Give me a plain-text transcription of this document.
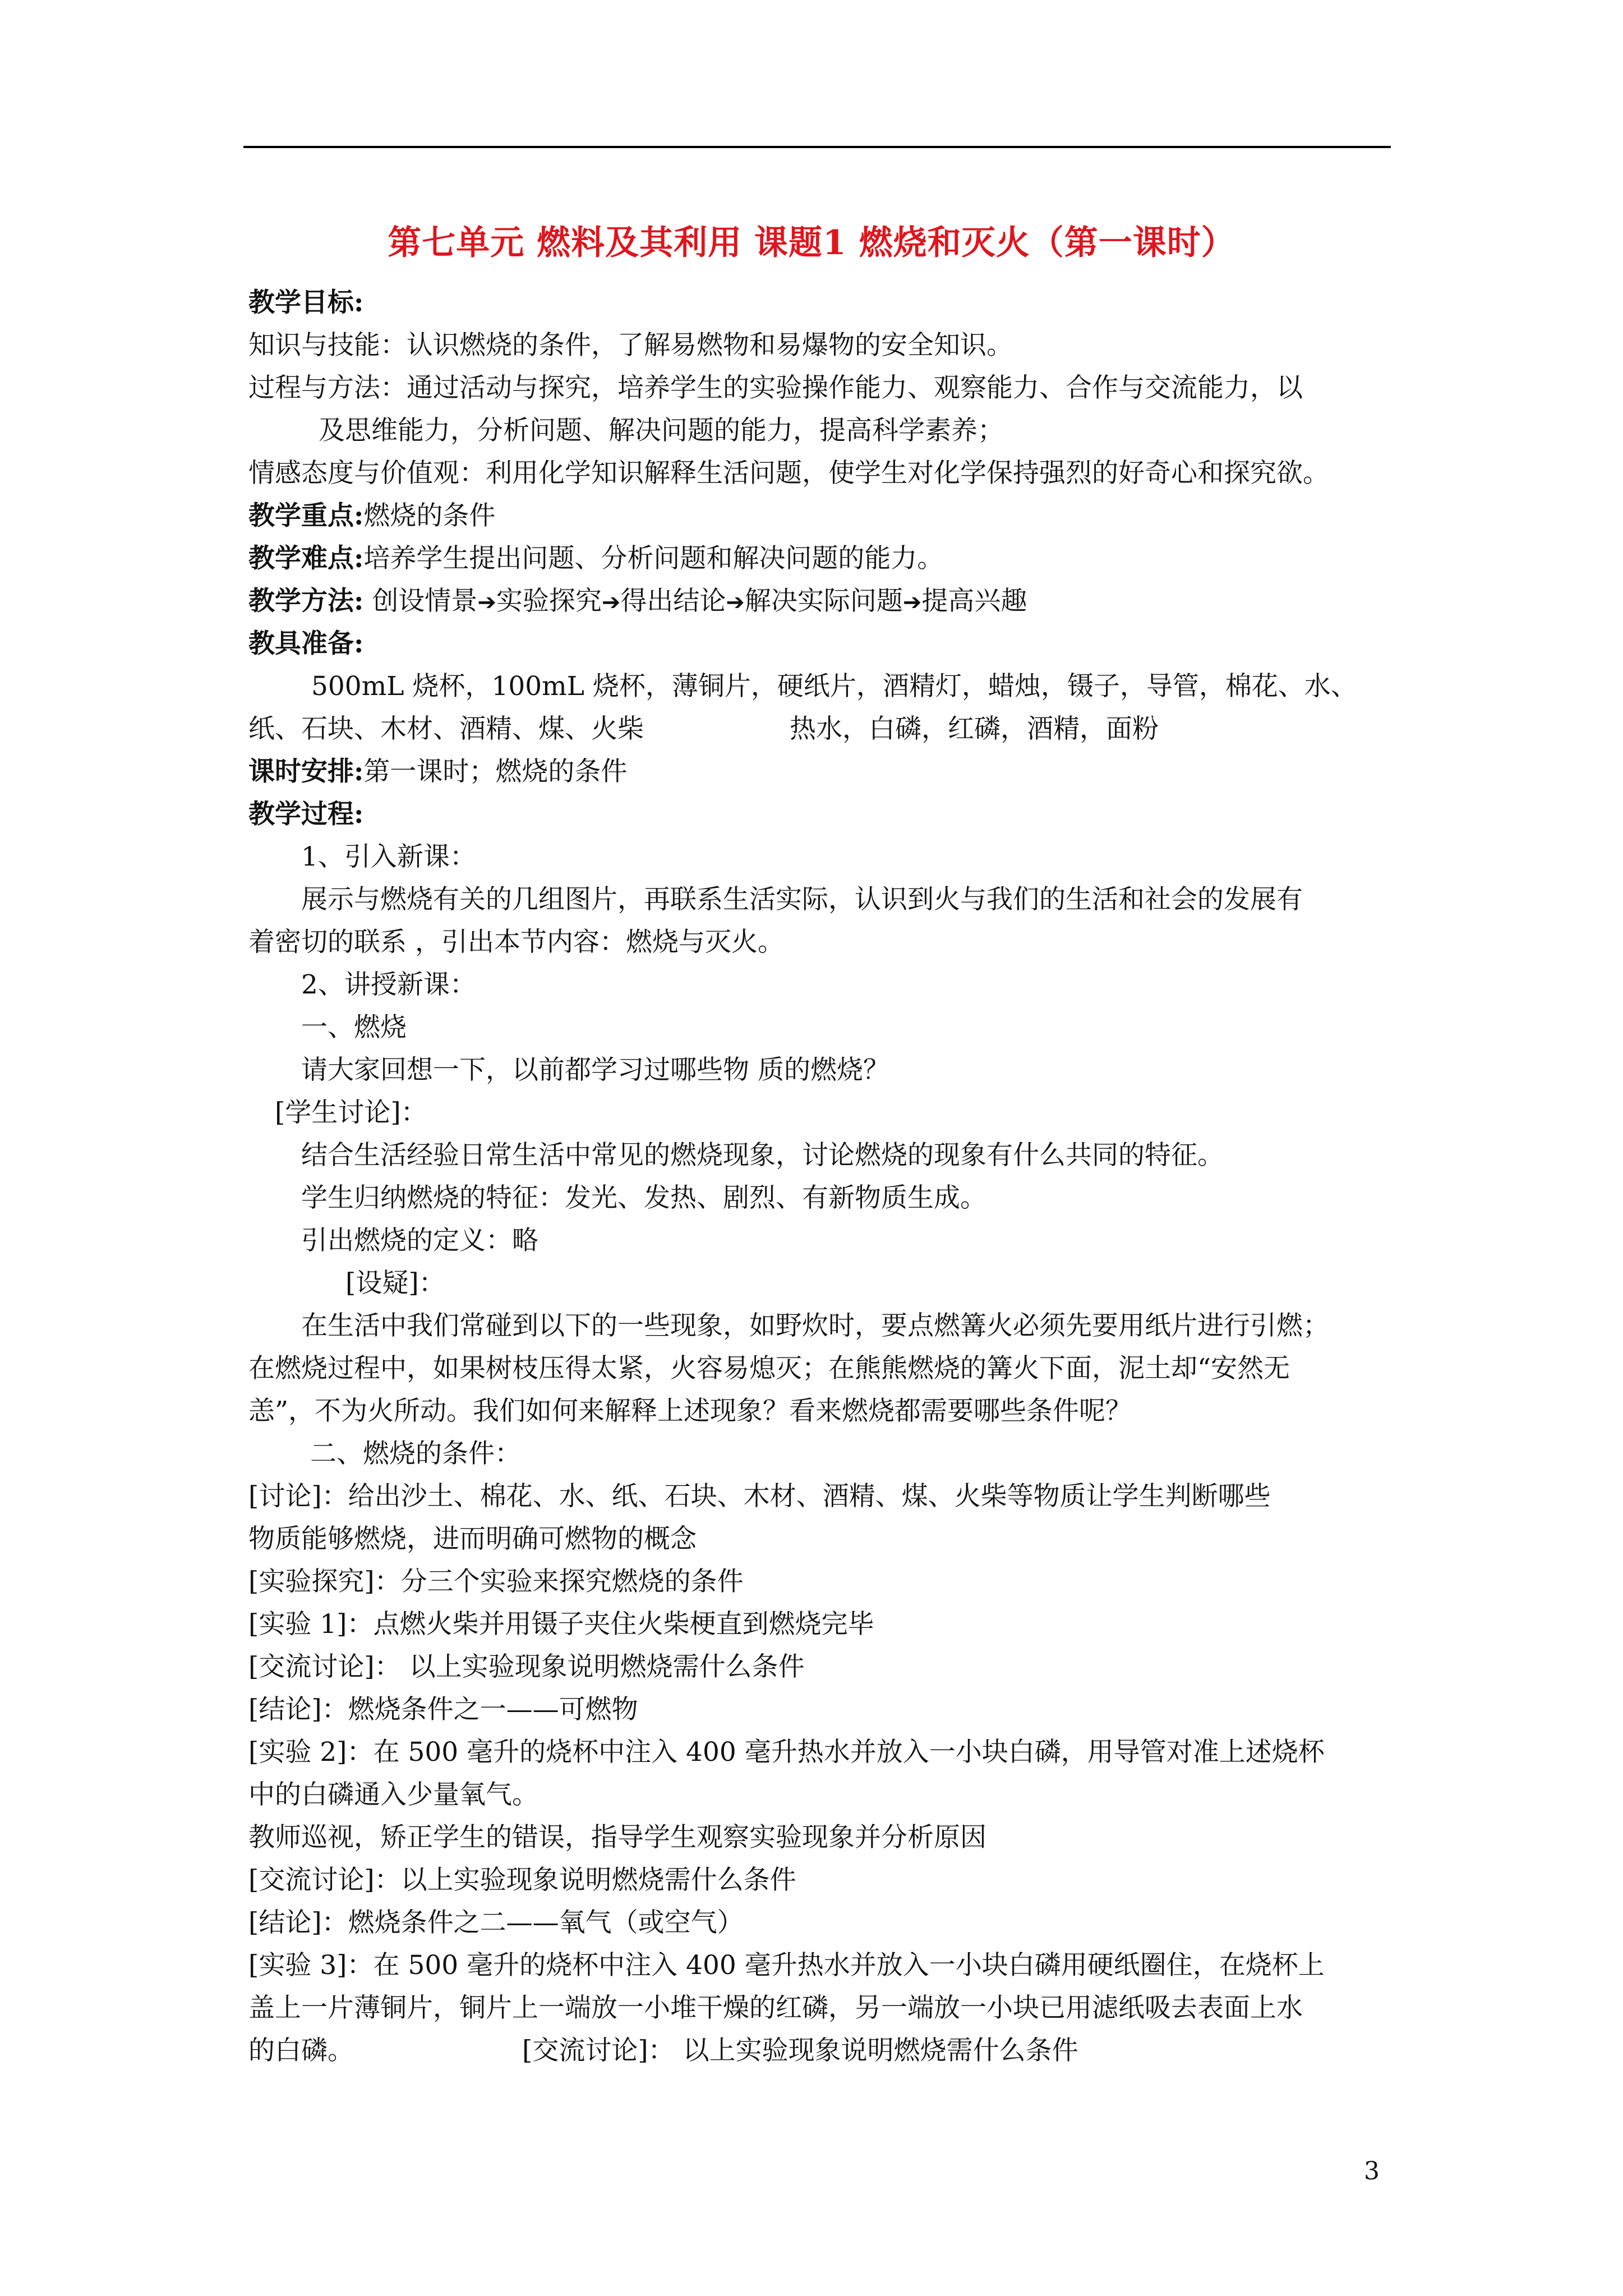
第七单元 燃料及其利用 课题1 燃烧和灭火（第一课时）
教学目标:
知识与技能：认识燃烧的条件，了解易燃物和易爆物的安全知识。
过程与方法：通过活动与探究，培养学生的实验操作能力、观察能力、合作与交流能力，以
及思维能力，分析问题、解决问题的能力，提高科学素养；
情感态度与价值观：利用化学知识解释生活问题，使学生对化学保持强烈的好奇心和探究欲。
教学重点:燃烧的条件
教学难点:培养学生提出问题、分析问题和解决问题的能力。
教学方法: 创设情景➔实验探究➔得出结论➔解决实际问题➔提高兴趣
教具准备:
500mL 烧杯，100mL 烧杯，薄铜片，硬纸片，酒精灯，蜡烛，镊子，导管，棉花、水、
纸、石块、木材、酒精、煤、火柴	热水，白磷，红磷，酒精，面粉
课时安排:第一课时；燃烧的条件
教学过程:
1、引入新课：
展示与燃烧有关的几组图片，再联系生活实际，认识到火与我们的生活和社会的发展有
着密切的联系 ，引出本节内容：燃烧与灭火。
2、讲授新课：
一、燃烧
请大家回想一下，以前都学习过哪些物 质的燃烧？
[学生讨论]：
结合生活经验日常生活中常见的燃烧现象，讨论燃烧的现象有什么共同的特征。
学生归纳燃烧的特征：发光、发热、剧烈、有新物质生成。
引出燃烧的定义：略
[设疑]：
在生活中我们常碰到以下的一些现象，如野炊时，要点燃篝火必须先要用纸片进行引燃；
在燃烧过程中，如果树枝压得太紧，火容易熄灭；在熊熊燃烧的篝火下面，泥土却“安然无
恙”，不为火所动。我们如何来解释上述现象？看来燃烧都需要哪些条件呢？
二、燃烧的条件：
[讨论]：给出沙土、棉花、水、纸、石块、木材、酒精、煤、火柴等物质让学生判断哪些
物质能够燃烧，进而明确可燃物的概念
[实验探究]：分三个实验来探究燃烧的条件
[实验 1]：点燃火柴并用镊子夹住火柴梗直到燃烧完毕
[交流讨论]： 以上实验现象说明燃烧需什么条件
[结论]：燃烧条件之一——可燃物
[实验 2]：在 500 毫升的烧杯中注入 400 毫升热水并放入一小块白磷，用导管对准上述烧杯
中的白磷通入少量氧气。
教师巡视，矫正学生的错误，指导学生观察实验现象并分析原因
[交流讨论]：以上实验现象说明燃烧需什么条件
[结论]：燃烧条件之二——氧气（或空气）
[实验 3]：在 500 毫升的烧杯中注入 400 毫升热水并放入一小块白磷用硬纸圈住，在烧杯上
盖上一片薄铜片，铜片上一端放一小堆干燥的红磷，另一端放一小块已用滤纸吸去表面上水
的白磷。	[交流讨论]： 以上实验现象说明燃烧需什么条件
3
